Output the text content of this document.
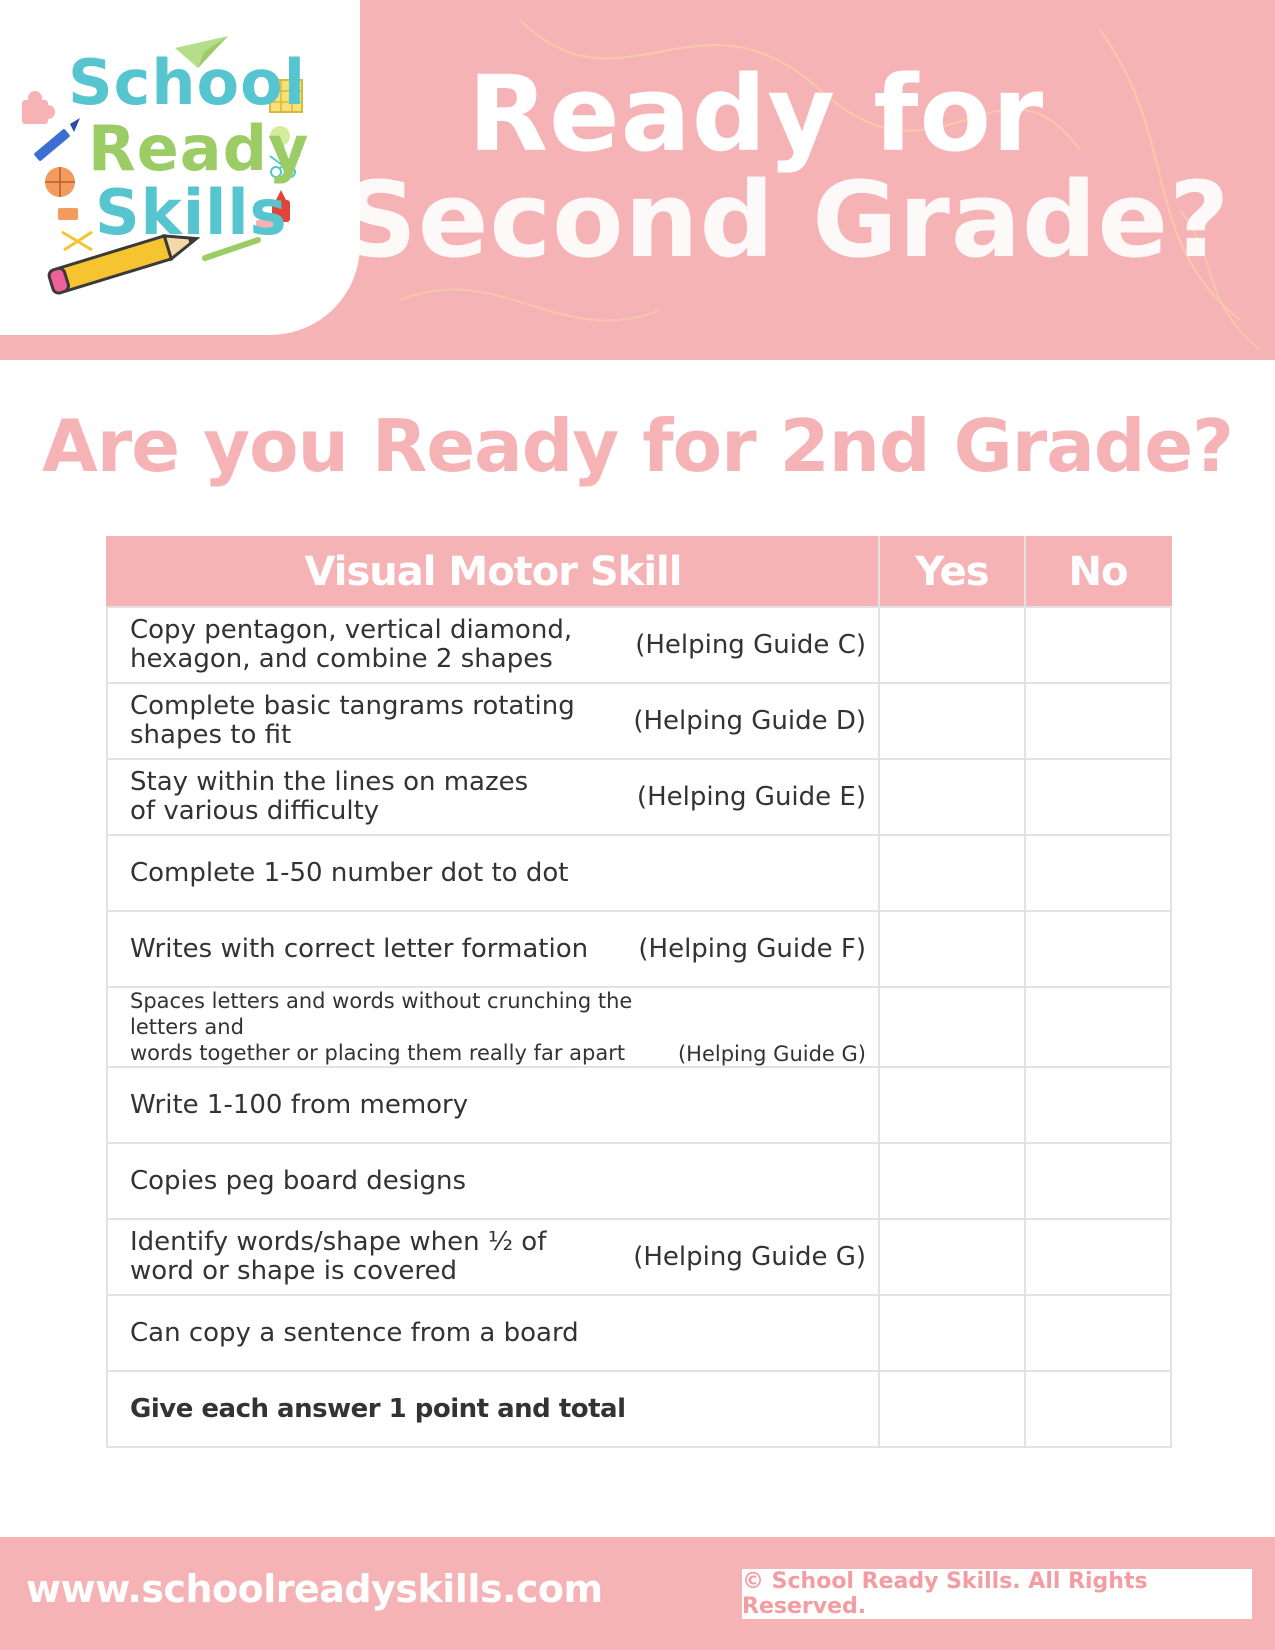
School
Ready
Skills
Ready for
Second Grade?
Are you Ready for 2nd Grade?
Visual Motor Skill	Yes	No

Copy pentagon, vertical diamond,
hexagon, and combine 2 shapes (Helping Guide C)		

Complete basic tangrams rotating
shapes to fit (Helping Guide D)		

Stay within the lines on mazes
of various difficulty (Helping Guide E)		

Complete 1-50 number dot to dot		

Writes with correct letter formation (Helping Guide F)		

Spaces letters and words without crunching the letters and
words together or placing them really far apart (Helping Guide G)		

Write 1-100 from memory		

Copies peg board designs		

Identify words/shape when ½ of
word or shape is covered (Helping Guide G)		

Can copy a sentence from a board		

Give each answer 1 point and total		

www.schoolreadyskills.com	© School Ready Skills. All Rights Reserved.
